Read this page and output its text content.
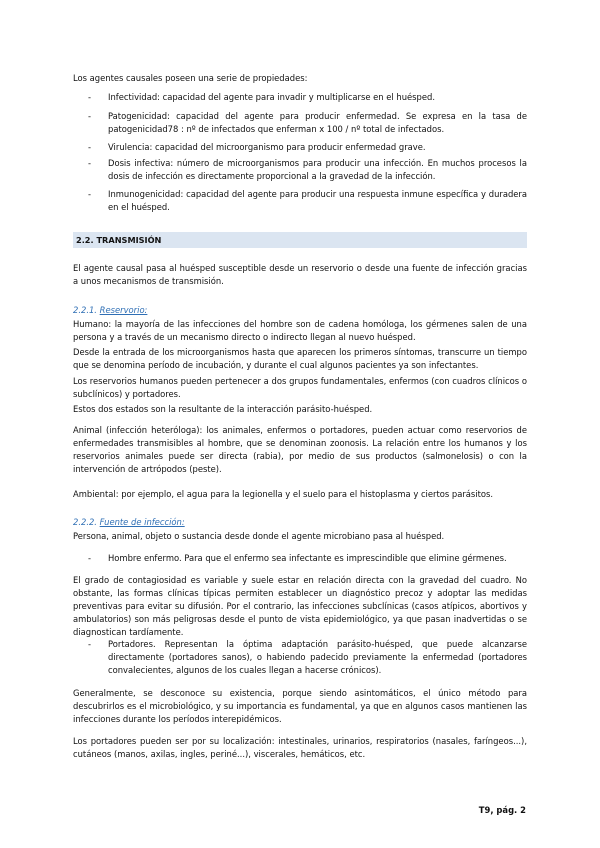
Los agentes causales poseen una serie de propiedades:

- Infectividad: capacidad del agente para invadir y multiplicarse en el huésped.

- Patogenicidad: capacidad del agente para producir enfermedad. Se expresa en la tasa de patogenicidad78 : nº de infectados que enferman x 100 / nº total de infectados.

- Virulencia: capacidad del microorganismo para producir enfermedad grave.

- Dosis infectiva: número de microorganismos para producir una infección. En muchos procesos la dosis de infección es directamente proporcional a la gravedad de la infección.

- Inmunogenicidad: capacidad del agente para producir una respuesta inmune específica y duradera en el huésped.

2.2. TRANSMISIÓN

El agente causal pasa al huésped susceptible desde un reservorio o desde una fuente de infección gracias a unos mecanismos de transmisión.

2.2.1. Reservorio:

Humano: la mayoría de las infecciones del hombre son de cadena homóloga, los gérmenes salen de una persona y a través de un mecanismo directo o indirecto llegan al nuevo huésped.

Desde la entrada de los microorganismos hasta que aparecen los primeros síntomas, transcurre un tiempo que se denomina período de incubación, y durante el cual algunos pacientes ya son infectantes.

Los reservorios humanos pueden pertenecer a dos grupos fundamentales, enfermos (con cuadros clínicos o subclínicos) y portadores.

Estos dos estados son la resultante de la interacción parásito-huésped.

Animal (infección heteróloga): los animales, enfermos o portadores, pueden actuar como reservorios de enfermedades transmisibles al hombre, que se denominan zoonosis. La relación entre los humanos y los reservorios animales puede ser directa (rabia), por medio de sus productos (salmonelosis) o con la intervención de artrópodos (peste).

Ambiental: por ejemplo, el agua para la legionella y el suelo para el histoplasma y ciertos parásitos.

2.2.2. Fuente de infección:

Persona, animal, objeto o sustancia desde donde el agente microbiano pasa al huésped.

- Hombre enfermo. Para que el enfermo sea infectante es imprescindible que elimine gérmenes.

El grado de contagiosidad es variable y suele estar en relación directa con la gravedad del cuadro. No obstante, las formas clínicas típicas permiten establecer un diagnóstico precoz y adoptar las medidas preventivas para evitar su difusión. Por el contrario, las infecciones subclínicas (casos atípicos, abortivos y ambulatorios) son más peligrosas desde el punto de vista epidemiológico, ya que pasan inadvertidas o se diagnostican tardíamente.

- Portadores. Representan la óptima adaptación parásito-huésped, que puede alcanzarse directamente (portadores sanos), o habiendo padecido previamente la enfermedad (portadores convalecientes, algunos de los cuales llegan a hacerse crónicos).

Generalmente, se desconoce su existencia, porque siendo asintomáticos, el único método para descubrirlos es el microbiológico, y su importancia es fundamental, ya que en algunos casos mantienen las infecciones durante los períodos interepidémicos.

Los portadores pueden ser por su localización: intestinales, urinarios, respiratorios (nasales, faríngeos...), cutáneos (manos, axilas, ingles, periné...), viscerales, hemáticos, etc.

T9, pág. 2
